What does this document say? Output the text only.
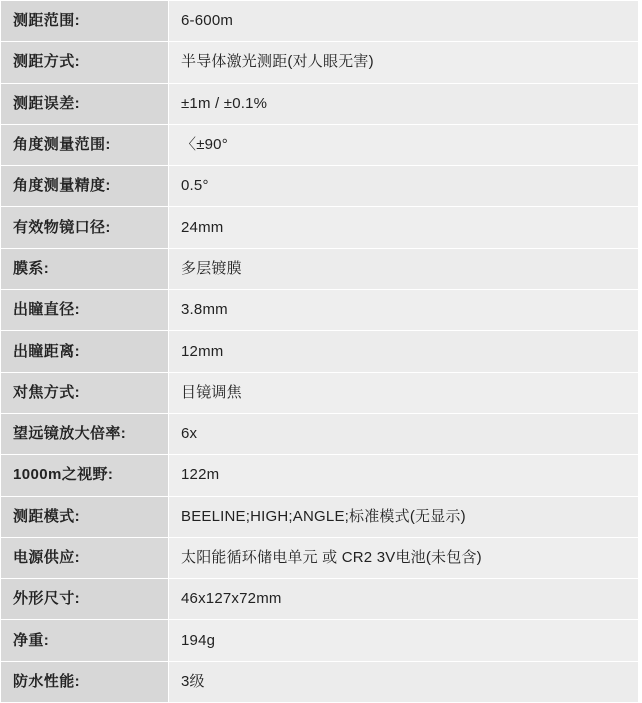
测距范围:	6-600m
测距方式:	半导体激光测距(对人眼无害)
测距误差:	±1m / ±0.1%
角度测量范围:	〈±90°
角度测量精度:	0.5°
有效物镜口径:	24mm
膜系:	多层镀膜
出瞳直径:	3.8mm
出瞳距离:	12mm
对焦方式:	目镜调焦
望远镜放大倍率:	6x
1000m之视野:	122m
测距模式:	BEELINE;HIGH;ANGLE;标准模式(无显示)
电源供应:	太阳能循环储电单元 或 CR2 3V电池(未包含)
外形尺寸:	46x127x72mm
净重:	194g
防水性能:	3级
